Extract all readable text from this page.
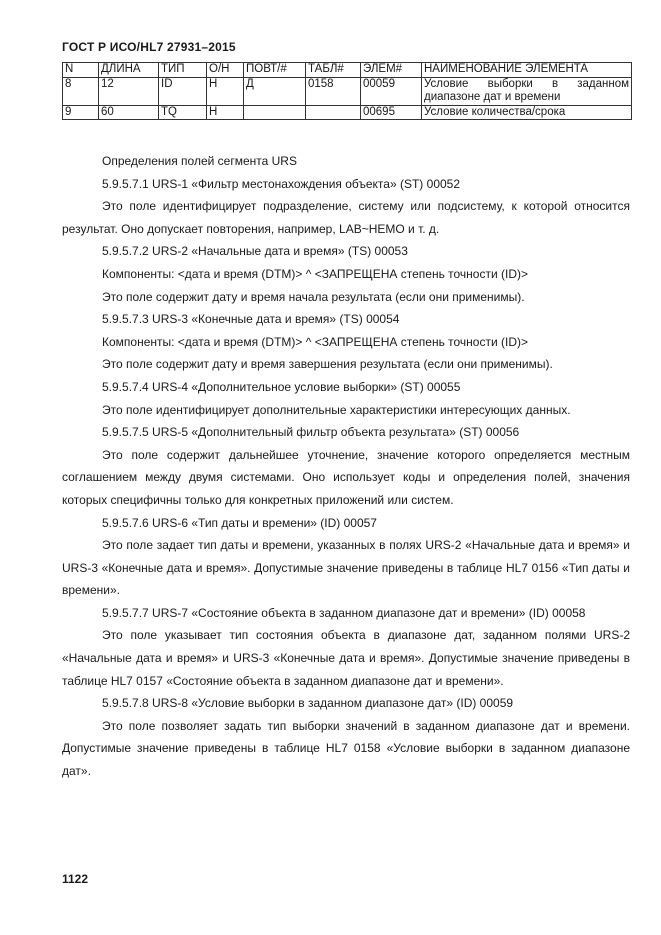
ГОСТ Р ИСО/HL7 27931–2015
N	ДЛИНА	ТИП	О/Н	ПОВТ/#	ТАБЛ#	ЭЛЕМ#	НАИМЕНОВАНИЕ ЭЛЕМЕНТА
8	12	ID	Н	Д	0158	00059	Условие выборки в заданном диапазоне дат и времени
9	60	TQ	Н			00695	Условие количества/срока

Определения полей сегмента URS

5.9.5.7.1 URS-1 «Фильтр местонахождения объекта» (ST) 00052

Это поле идентифицирует подразделение, систему или подсистему, к которой относится результат. Оно допускает повторения, например, LAB~HEMO и т. д.

5.9.5.7.2 URS-2 «Начальные дата и время» (TS) 00053

Компоненты: <дата и время (DTM)> ^ <ЗАПРЕЩЕНА степень точности (ID)>

Это поле содержит дату и время начала результата (если они применимы).

5.9.5.7.3 URS-3 «Конечные дата и время» (TS) 00054

Компоненты: <дата и время (DTM)> ^ <ЗАПРЕЩЕНА степень точности (ID)>

Это поле содержит дату и время завершения результата (если они применимы).

5.9.5.7.4 URS-4 «Дополнительное условие выборки» (ST) 00055

Это поле идентифицирует дополнительные характеристики интересующих данных.

5.9.5.7.5 URS-5 «Дополнительный фильтр объекта результата» (ST) 00056

Это поле содержит дальнейшее уточнение, значение которого определяется местным соглашением между двумя системами. Оно использует коды и определения полей, значения которых специфичны только для конкретных приложений или систем.

5.9.5.7.6 URS-6 «Тип даты и времени» (ID) 00057

Это поле задает тип даты и времени, указанных в полях URS-2 «Начальные дата и время» и URS-3 «Конечные дата и время». Допустимые значение приведены в таблице HL7 0156 «Тип даты и времени».

5.9.5.7.7 URS-7 «Состояние объекта в заданном диапазоне дат и времени» (ID) 00058

Это поле указывает тип состояния объекта в диапазоне дат, заданном полями URS-2 «Начальные дата и время» и URS-3 «Конечные дата и время». Допустимые значение приведены в таблице HL7 0157 «Состояние объекта в заданном диапазоне дат и времени».

5.9.5.7.8 URS-8 «Условие выборки в заданном диапазоне дат» (ID) 00059

Это поле позволяет задать тип выборки значений в заданном диапазоне дат и времени. Допустимые значение приведены в таблице HL7 0158 «Условие выборки в заданном диапазоне дат».

1122
